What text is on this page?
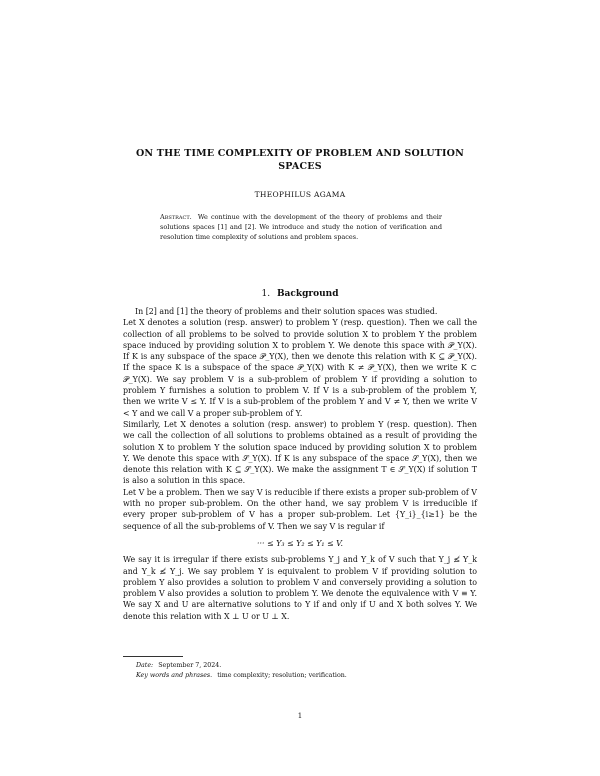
ON THE TIME COMPLEXITY OF PROBLEM AND SOLUTION SPACES
THEOPHILUS AGAMA
Abstract. We continue with the development of the theory of problems and their solutions spaces [1] and [2]. We introduce and study the notion of verification and resolution time complexity of solutions and problem spaces.
1. Background

In [2] and [1] the theory of problems and their solution spaces was studied.

Let X denotes a solution (resp. answer) to problem Y (resp. question). Then we call the collection of all problems to be solved to provide solution X to problem Y the problem space induced by providing solution X to problem Y. We denote this space with 𝒫_Y(X). If K is any subspace of the space 𝒫_Y(X), then we denote this relation with K ⊆ 𝒫_Y(X). If the space K is a subspace of the space 𝒫_Y(X) with K ≠ 𝒫_Y(X), then we write K ⊂ 𝒫_Y(X). We say problem V is a sub-problem of problem Y if providing a solution to problem Y furnishes a solution to problem V. If V is a sub-problem of the problem Y, then we write V ≤ Y. If V is a sub-problem of the problem Y and V ≠ Y, then we write V < Y and we call V a proper sub-problem of Y.

Similarly, Let X denotes a solution (resp. answer) to problem Y (resp. question). Then we call the collection of all solutions to problems obtained as a result of providing the solution X to problem Y the solution space induced by providing solution X to problem Y. We denote this space with 𝒮_Y(X). If K is any subspace of the space 𝒮_Y(X), then we denote this relation with K ⊆ 𝒮_Y(X). We make the assignment T ∈ 𝒮_Y(X) if solution T is also a solution in this space.

Let V be a problem. Then we say V is reducible if there exists a proper sub-problem of V with no proper sub-problem. On the other hand, we say problem V is irreducible if every proper sub-problem of V has a proper sub-problem. Let {Y_i}_{i≥1} be the sequence of all the sub-problems of V. Then we say V is regular if

··· ≤ Y₃ ≤ Y₂ ≤ Y₁ ≤ V.

We say it is irregular if there exists sub-problems Y_j and Y_k of V such that Y_j ≰ Y_k and Y_k ≰ Y_j. We say problem Y is equivalent to problem V if providing solution to problem Y also provides a solution to problem V and conversely providing a solution to problem V also provides a solution to problem Y. We denote the equivalence with V ≡ Y. We say X and U are alternative solutions to Y if and only if U and X both solves Y. We denote this relation with X ⊥ U or U ⊥ X.

Date: September 7, 2024.
Key words and phrases. time complexity; resolution; verification.
1
